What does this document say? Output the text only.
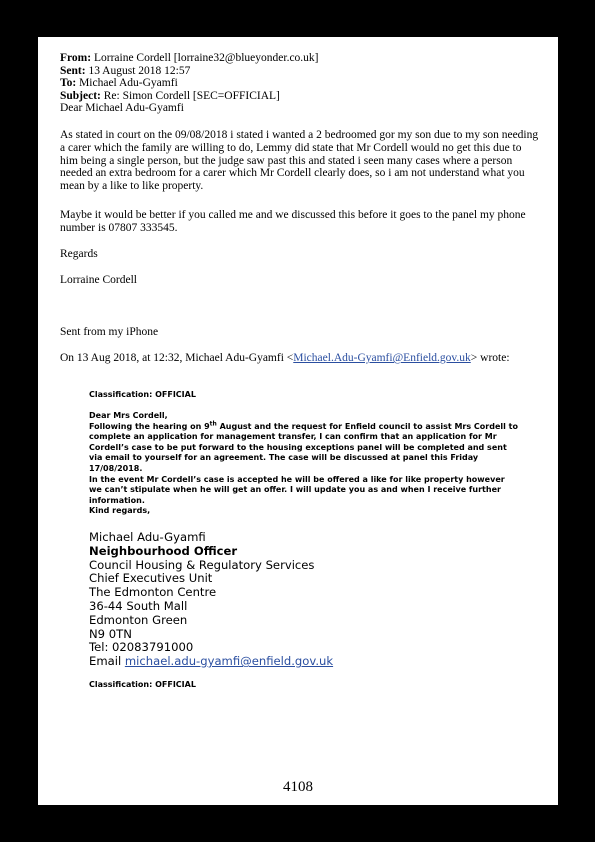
From: Lorraine Cordell [lorraine32@blueyonder.co.uk]
Sent: 13 August 2018 12:57
To: Michael Adu-Gyamfi
Subject: Re: Simon Cordell [SEC=OFFICIAL]
Dear Michael Adu-Gyamfi
As stated in court on the 09/08/2018 i stated i wanted a 2 bedroomed gor my son due to my son needing a carer which the family are willing to do, Lemmy did state that Mr Cordell would no get this due to him being a single person, but the judge saw past this and stated i seen many cases where a person needed an extra bedroom for a carer which Mr Cordell clearly does, so i am not understand what you mean by a like to like property.
Maybe it would be better if you called me and we discussed this before it goes to the panel my phone number is 07807 333545.
Regards
Lorraine Cordell
Sent from my iPhone
On 13 Aug 2018, at 12:32, Michael Adu-Gyamfi <Michael.Adu-Gyamfi@Enfield.gov.uk> wrote:
Classification: OFFICIAL
Dear Mrs Cordell,
Following the hearing on 9th August and the request for Enfield council to assist Mrs Cordell to complete an application for management transfer, I can confirm that an application for Mr Cordell’s case to be put forward to the housing exceptions panel will be completed and sent via email to yourself for an agreement. The case will be discussed at panel this Friday 17/08/2018.
In the event Mr Cordell’s case is accepted he will be offered a like for like property however we can’t stipulate when he will get an offer. I will update you as and when I receive further information.
Kind regards,
Michael Adu-Gyamfi
Neighbourhood Officer
Council Housing & Regulatory Services
Chief Executives Unit
The Edmonton Centre
36-44 South Mall
Edmonton Green
N9 0TN
Tel: 02083791000
Email michael.adu-gyamfi@enfield.gov.uk
Classification: OFFICIAL
4108
